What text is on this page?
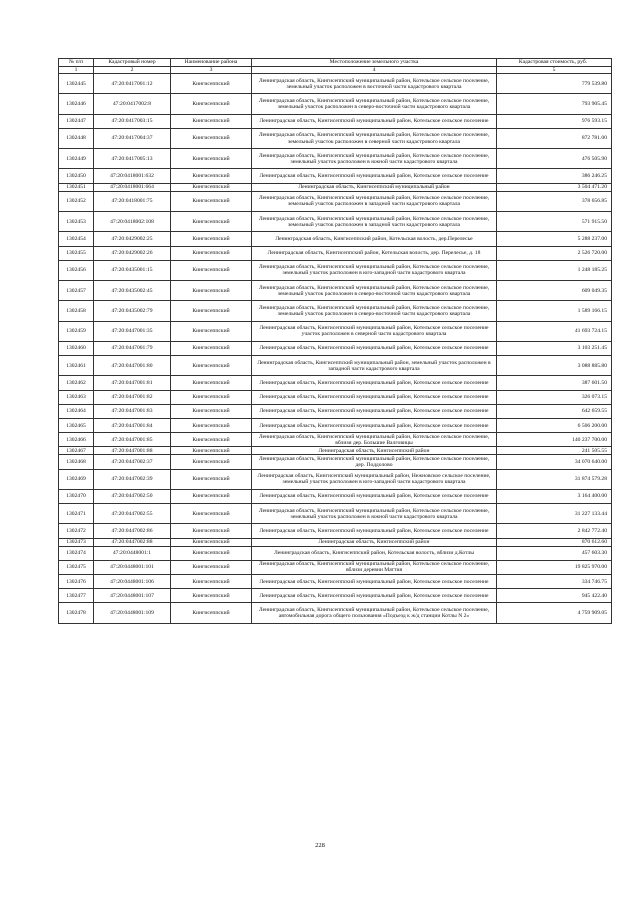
№ п/п	Кадастровый номер	Наименование района	Местоположение земельного участка	Кадастровая стоимость, руб.
1	2	3	4	5
1302445	47:20:0417001:12	Кингисеппский	Ленинградская область, Кингисеппский муниципальный район, Котельское сельское поселение, земельный участок расположен в восточной части кадастрового квартала	779 539.80
1302446	47:20:0417002:8	Кингисеппский	Ленинградская область, Кингисеппский муниципальный район, Котельское сельское поселение, земельный участок расположен в северо-восточной части кадастрового квартала	793 905.45
1302447	47:20:0417003:15	Кингисеппский	Ленинградская область, Кингисеппский муниципальный район, Котельское сельское поселение	976 593.15
1302448	47:20:0417004:37	Кингисеппский	Ленинградская область, Кингисеппский муниципальный район, Котельское сельское поселение, земельный участок расположен в северной части кадастрового квартала	872 781.00
1302449	47:20:0417005:13	Кингисеппский	Ленинградская область, Кингисеппский муниципальный район, Котельское сельское поселение, земельный участок расположен в южной части кадастрового квартала	476 505.90
1302450	47:20:0418001:632	Кингисеппский	Ленинградская область, Кингисеппский муниципальный район, Котельское сельское поселение	386 246.25
1302451	47:20:0418001:664	Кингисеппский	Ленинградская область, Кингисеппский муниципальный район	3 504 471.20
1302452	47:20:0418001:75	Кингисеппский	Ленинградская область, Кингисеппский муниципальный район, Котельское сельское поселение, земельный участок расположен в западной части кадастрового квартала	378 656.85
1302453	47:20:0418002:108	Кингисеппский	Ленинградская область, Кингисеппский муниципальный район, Котельское сельское поселение, земельный участок расположен в западной части кадастрового квартала	571 915.50
1302454	47:20:0429002:25	Кингисеппский	Ленинградская область, Кингисеппский район, Котельская волость, дер.Перелесье	5 288 237.00
1302455	47:20:0429002:26	Кингисеппский	Ленинградская область, Кингисеппский район, Котельская волость, дер. Перелесье, д. 18	2 526 720.00
1302456	47:20:0435001:15	Кингисеппский	Ленинградская область, Кингисеппский муниципальный район, Котельское сельское поселение, земельный участок расположен в юго-западной части кадастрового квартала	1 248 185.25
1302457	47:20:0435002:45	Кингисеппский	Ленинградская область, Кингисеппский муниципальный район, Котельское сельское поселение, земельный участок расположен в северо-восточной части кадастрового квартала	609 049.35
1302458	47:20:0435002:79	Кингисеппский	Ленинградская область, Кингисеппский муниципальный район, Котельское сельское поселение, земельный участок расположен в северо-восточной части кадастрового квартала	1 589 166.15
1302459	47:20:0447001:35	Кингисеппский	Ленинградская область, Кингисеппский муниципальный район, Котельское сельское поселение участок расположен в северной части кадастрового квартала	41 693 724.15
1302460	47:20:0447001:79	Кингисеппский	Ленинградская область, Кингисеппский муниципальный район, Котельское сельское поселение	3 103 251.45
1302461	47:20:0447001:80	Кингисеппский	Ленинградская область, Кингисеппский муниципальный район, земельный участок расположен в западной части кадастрового квартала	3 088 885.80
1302462	47:20:0447001:81	Кингисеппский	Ленинградская область, Кингисеппский муниципальный район, Котельское сельское поселение	387 601.50
1302463	47:20:0447001:82	Кингисеппский	Ленинградская область, Кингисеппский муниципальный район, Котельское сельское поселение	326 073.15
1302464	47:20:0447001:83	Кингисеппский	Ленинградская область, Кингисеппский муниципальный район, Котельское сельское поселение	642 659.55
1302465	47:20:0447001:84	Кингисеппский	Ленинградская область, Кингисеппский муниципальный район, Котельское сельское поселение	6 506 200.00
1302466	47:20:0447001:85	Кингисеппский	Ленинградская область, Кингисеппский муниципальный район, Котельское сельское поселение, вблизи дер. Большие Валговицы	140 237 700.00
1302467	47:20:0447001:88	Кингисеппский	Ленинградская область, Кингисеппский район	241 505.55
1302468	47:20:0447002:37	Кингисеппский	Ленинградская область, Кингисеппский муниципальный район, Котельское сельское поселение, дер. Поддолово	34 070 640.00
1302469	47:20:0447002:39	Кингисеппский	Ленинградская область, Кингисеппский муниципальный район, Нежновское сельское поселение, земельный участок расположен в юго-западной части кадастрового квартала	31 874 579.28
1302470	47:20:0447002:50	Кингисеппский	Ленинградская область, Кингисеппский муниципальный район, Котельское сельское поселение	3 164 400.00
1302471	47:20:0447002:55	Кингисеппский	Ленинградская область, Кингисеппский муниципальный район, Котельское сельское поселение, земельный участок расположен в южной части кадастрового квартала	31 227 133.44
1302472	47:20:0447002:86	Кингисеппский	Ленинградская область, Кингисеппский муниципальный район, Котельское сельское поселение	2 842 772.40
1302473	47:20:0447002:88	Кингисеппский	Ленинградская область, Кингисеппский район	870 612.60
1302474	47:20:0448001:1	Кингисеппский	Ленинградская область, Кингисеппский район, Котельская волость, вблизи д.Котлы	457 603.30
1302475	47:20:0448001:101	Кингисеппский	Ленинградская область, Кингисеппский муниципальный район, Котельское сельское поселение, вблизи деревни Маттия	19 825 970.00
1302476	47:20:0448001:106	Кингисеппский	Ленинградская область, Кингисеппский муниципальный район, Котельское сельское поселение	334 746.75
1302477	47:20:0448001:107	Кингисеппский	Ленинградская область, Кингисеппский муниципальный район, Котельское сельское поселение	945 422.40
1302478	47:20:0448001:109	Кингисеппский	Ленинградская область, Кингисеппский муниципальный район, Котельское сельское поселение, автомобильная дорога общего пользования «Подъезд к ж/д станции Котлы N 2»	4 759 909.05
228
